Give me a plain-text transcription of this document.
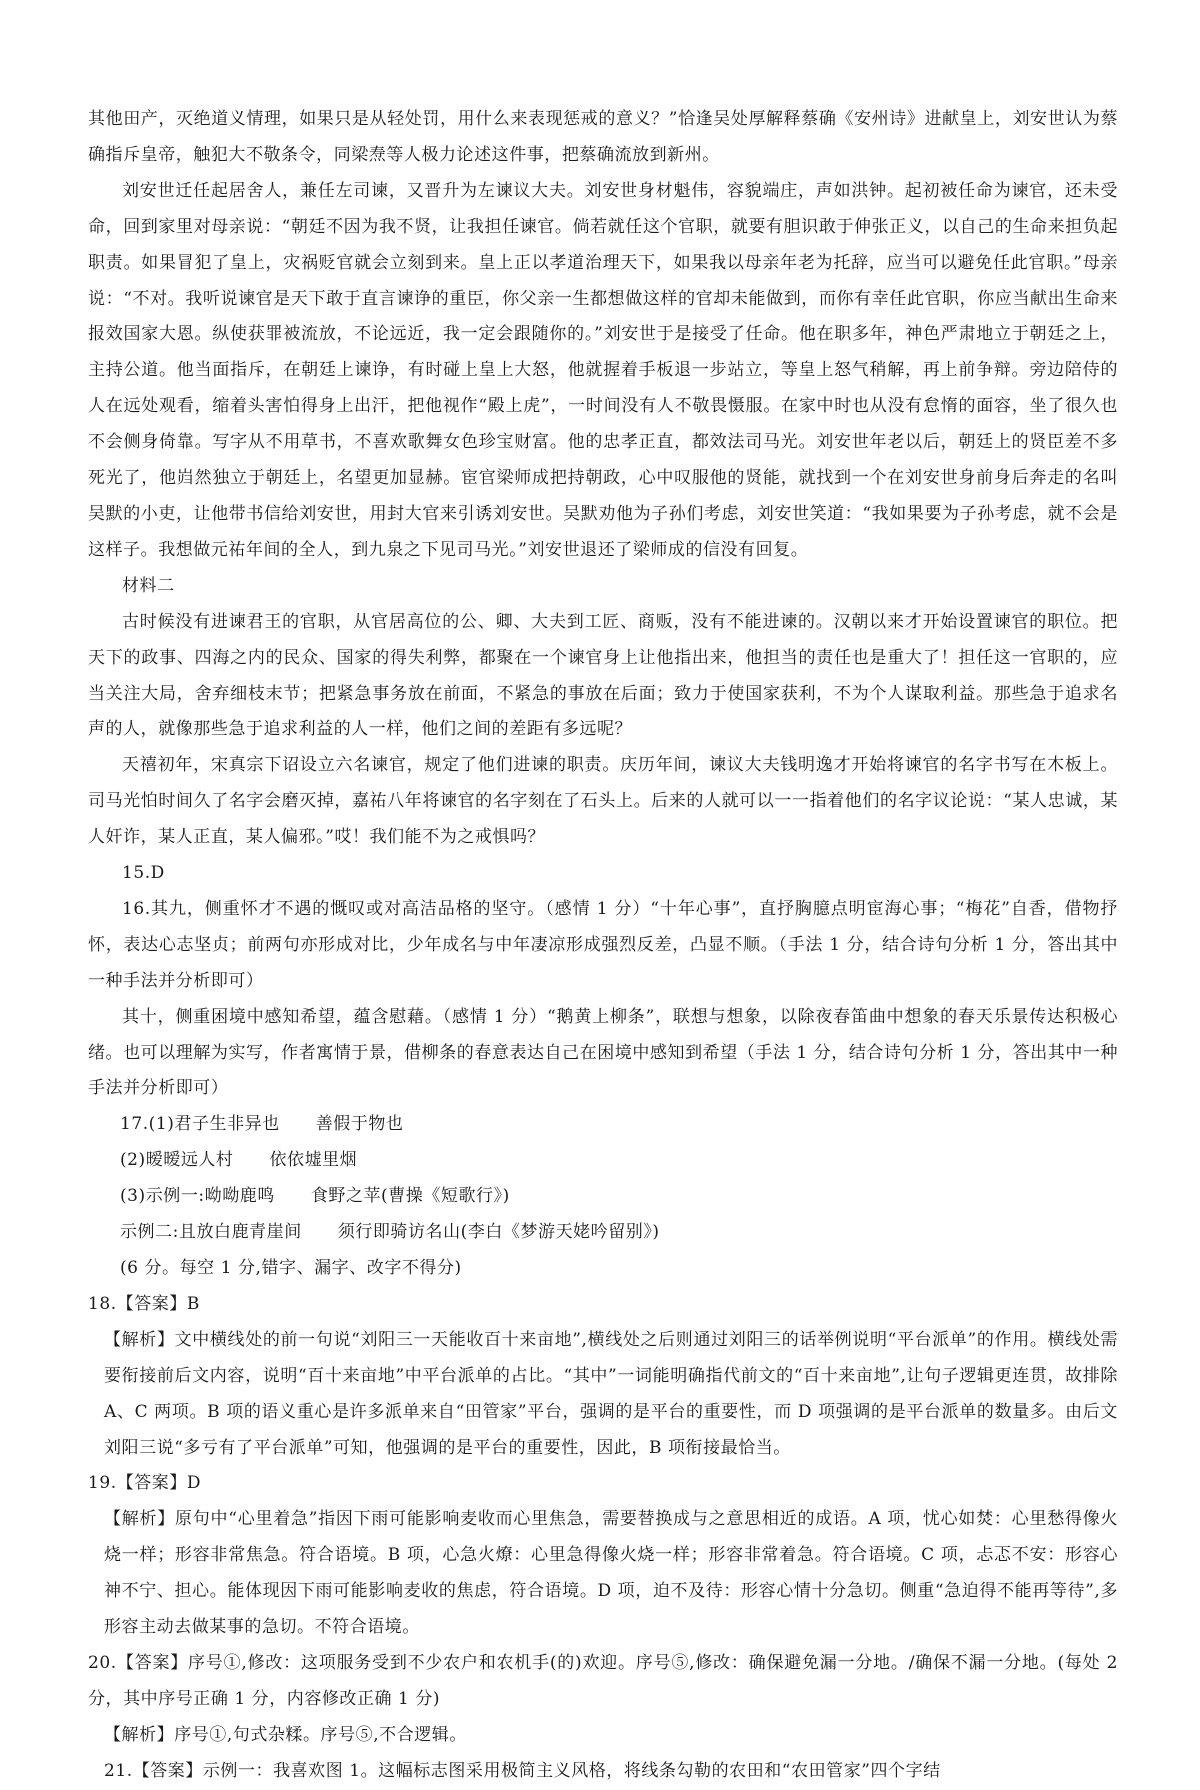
其他田产，灭绝道义情理，如果只是从轻处罚，用什么来表现惩戒的意义？”恰逢吴处厚解释蔡确《安州诗》进献皇上，刘安世认为蔡确指斥皇帝，触犯大不敬条令，同梁焘等人极力论述这件事，把蔡确流放到新州。

刘安世迁任起居舍人，兼任左司谏，又晋升为左谏议大夫。刘安世身材魁伟，容貌端庄，声如洪钟。起初被任命为谏官，还未受命，回到家里对母亲说：“朝廷不因为我不贤，让我担任谏官。倘若就任这个官职，就要有胆识敢于伸张正义，以自己的生命来担负起职责。如果冒犯了皇上，灾祸贬官就会立刻到来。皇上正以孝道治理天下，如果我以母亲年老为托辞，应当可以避免任此官职。”母亲说：“不对。我听说谏官是天下敢于直言谏诤的重臣，你父亲一生都想做这样的官却未能做到，而你有幸任此官职，你应当献出生命来报效国家大恩。纵使获罪被流放，不论远近，我一定会跟随你的。”刘安世于是接受了任命。他在职多年，神色严肃地立于朝廷之上，主持公道。他当面指斥，在朝廷上谏诤，有时碰上皇上大怒，他就握着手板退一步站立，等皇上怒气稍解，再上前争辩。旁边陪侍的人在远处观看，缩着头害怕得身上出汗，把他视作“殿上虎”，一时间没有人不敬畏慑服。在家中时也从没有怠惰的面容，坐了很久也不会侧身倚靠。写字从不用草书，不喜欢歌舞女色珍宝财富。他的忠孝正直，都效法司马光。刘安世年老以后，朝廷上的贤臣差不多死光了，他岿然独立于朝廷上，名望更加显赫。宦官梁师成把持朝政，心中叹服他的贤能，就找到一个在刘安世身前身后奔走的名叫吴默的小吏，让他带书信给刘安世，用封大官来引诱刘安世。吴默劝他为子孙们考虑，刘安世笑道：“我如果要为子孙考虑，就不会是这样子。我想做元祐年间的全人，到九泉之下见司马光。”刘安世退还了梁师成的信没有回复。

材料二

古时候没有进谏君王的官职，从官居高位的公、卿、大夫到工匠、商贩，没有不能进谏的。汉朝以来才开始设置谏官的职位。把天下的政事、四海之内的民众、国家的得失利弊，都聚在一个谏官身上让他指出来，他担当的责任也是重大了！担任这一官职的，应当关注大局，舍弃细枝末节；把紧急事务放在前面，不紧急的事放在后面；致力于使国家获利，不为个人谋取利益。那些急于追求名声的人，就像那些急于追求利益的人一样，他们之间的差距有多远呢？

天禧初年，宋真宗下诏设立六名谏官，规定了他们进谏的职责。庆历年间，谏议大夫钱明逸才开始将谏官的名字书写在木板上。司马光怕时间久了名字会磨灭掉，嘉祐八年将谏官的名字刻在了石头上。后来的人就可以一一指着他们的名字议论说：“某人忠诚，某人奸诈，某人正直，某人偏邪。”哎！我们能不为之戒惧吗？

15.D

16.其九，侧重怀才不遇的慨叹或对高洁品格的坚守。（感情 1 分）“十年心事”，直抒胸臆点明宦海心事；“梅花”自香，借物抒怀，表达心志坚贞；前两句亦形成对比，少年成名与中年凄凉形成强烈反差，凸显不顺。（手法 1 分，结合诗句分析 1 分，答出其中一种手法并分析即可）

其十，侧重困境中感知希望，蕴含慰藉。（感情 1 分）“鹅黄上柳条”，联想与想象，以除夜春笛曲中想象的春天乐景传达积极心绪。也可以理解为实写，作者寓情于景，借柳条的春意表达自己在困境中感知到希望（手法 1 分，结合诗句分析 1 分，答出其中一种手法并分析即可）

17.(1)君子生非异也 善假于物也

(2)暧暧远人村 依依墟里烟

(3)示例一:呦呦鹿鸣 食野之苹(曹操《短歌行》)

示例二:且放白鹿青崖间 须行即骑访名山(李白《梦游天姥吟留别》)

(6 分。每空 1 分,错字、漏字、改字不得分)

18.【答案】B

【解析】文中横线处的前一句说“刘阳三一天能收百十来亩地”,横线处之后则通过刘阳三的话举例说明“平台派单”的作用。横线处需要衔接前后文内容，说明“百十来亩地”中平台派单的占比。“其中”一词能明确指代前文的“百十来亩地”,让句子逻辑更连贯，故排除 A、C 两项。B 项的语义重心是许多派单来自“田管家”平台，强调的是平台的重要性，而 D 项强调的是平台派单的数量多。由后文刘阳三说“多亏有了平台派单”可知，他强调的是平台的重要性，因此，B 项衔接最恰当。

19.【答案】D

【解析】原句中“心里着急”指因下雨可能影响麦收而心里焦急，需要替换成与之意思相近的成语。A 项，忧心如焚：心里愁得像火烧一样；形容非常焦急。符合语境。B 项，心急火燎：心里急得像火烧一样；形容非常着急。符合语境。C 项，忐忑不安：形容心神不宁、担心。能体现因下雨可能影响麦收的焦虑，符合语境。D 项，迫不及待：形容心情十分急切。侧重“急迫得不能再等待”,多形容主动去做某事的急切。不符合语境。

20.【答案】序号①,修改：这项服务受到不少农户和农机手(的)欢迎。序号⑤,修改：确保避免漏一分地。/确保不漏一分地。(每处 2 分，其中序号正确 1 分，内容修改正确 1 分)

【解析】序号①,句式杂糅。序号⑤,不合逻辑。

21.【答案】示例一：我喜欢图 1。这幅标志图采用极简主义风格，将线条勾勒的农田和“农田管家”四个字结
